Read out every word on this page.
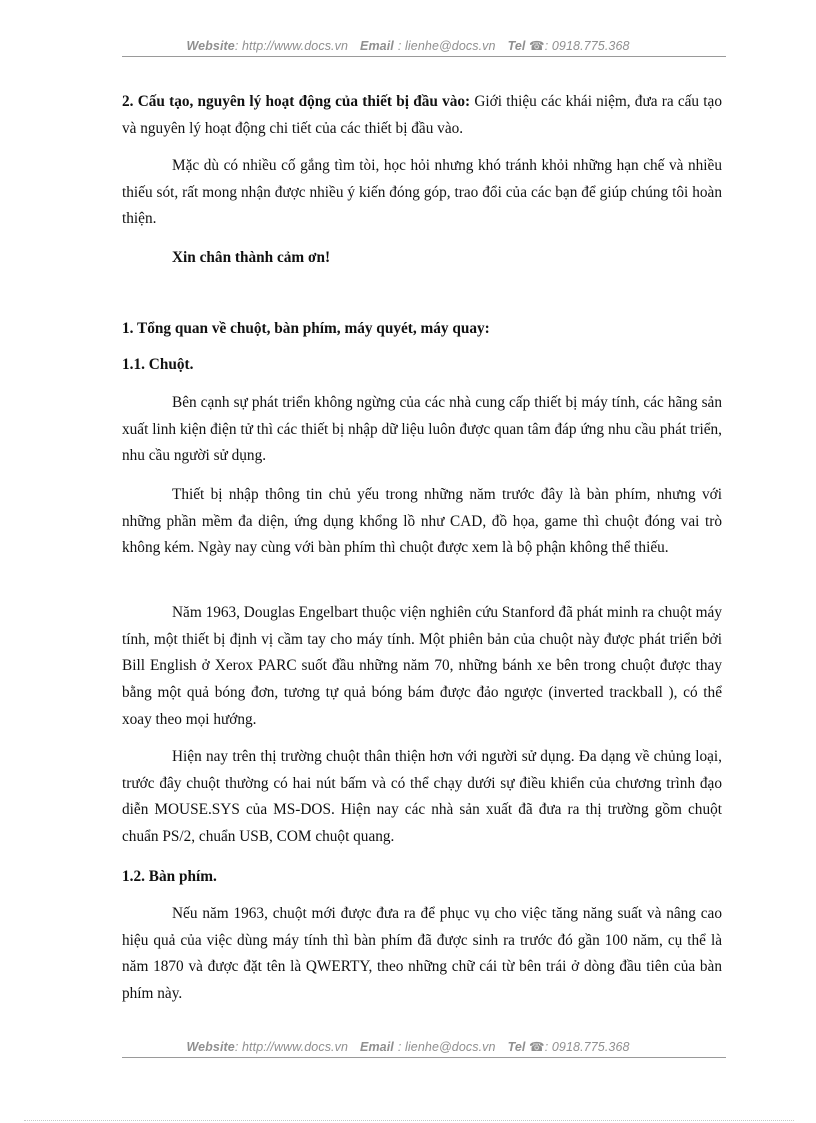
Website: http://www.docs.vn Email : lienhe@docs.vn Tel ☎: 0918.775.368

2. Cấu tạo, nguyên lý hoạt động của thiết bị đầu vào: Giới thiệu các khái niệm, đưa ra cấu tạo và nguyên lý hoạt động chi tiết của các thiết bị đầu vào.

Mặc dù có nhiều cố gắng tìm tòi, học hỏi nhưng khó tránh khỏi những hạn chế và nhiều thiếu sót, rất mong nhận được nhiều ý kiến đóng góp, trao đổi của các bạn để giúp chúng tôi hoàn thiện.

Xin chân thành cảm ơn!

1. Tổng quan về chuột, bàn phím, máy quyét, máy quay:

1.1. Chuột.

Bên cạnh sự phát triển không ngừng của các nhà cung cấp thiết bị máy tính, các hãng sản xuất linh kiện điện tử thì các thiết bị nhập dữ liệu luôn được quan tâm đáp ứng nhu cầu phát triển, nhu cầu người sử dụng.

Thiết bị nhập thông tin chủ yếu trong những năm trước đây là bàn phím, nhưng với những phần mềm đa diện, ứng dụng khổng lồ như CAD, đồ họa, game thì chuột đóng vai trò không kém. Ngày nay cùng với bàn phím thì chuột được xem là bộ phận không thể thiếu.

Năm 1963, Douglas Engelbart thuộc viện nghiên cứu Stanford đã phát minh ra chuột máy tính, một thiết bị định vị cầm tay cho máy tính. Một phiên bản của chuột này được phát triển bởi Bill English ở Xerox PARC suốt đầu những năm 70, những bánh xe bên trong chuột được thay bằng một quả bóng đơn, tương tự quả bóng bám được đảo ngược (inverted trackball ), có thể xoay theo mọi hướng.

Hiện nay trên thị trường chuột thân thiện hơn với người sử dụng. Đa dạng về chủng loại, trước đây chuột thường có hai nút bấm và có thể chạy dưới sự điều khiển của chương trình đạo diễn MOUSE.SYS của MS-DOS. Hiện nay các nhà sản xuất đã đưa ra thị trường gồm chuột chuẩn PS/2, chuẩn USB, COM chuột quang.

1.2. Bàn phím.

Nếu năm 1963, chuột mới được đưa ra để phục vụ cho việc tăng năng suất và nâng cao hiệu quả của việc dùng máy tính thì bàn phím đã được sinh ra trước đó gần 100 năm, cụ thể là năm 1870 và được đặt tên là QWERTY, theo những chữ cái từ bên trái ở dòng đầu tiên của bàn phím này.

Website: http://www.docs.vn Email : lienhe@docs.vn Tel ☎: 0918.775.368
